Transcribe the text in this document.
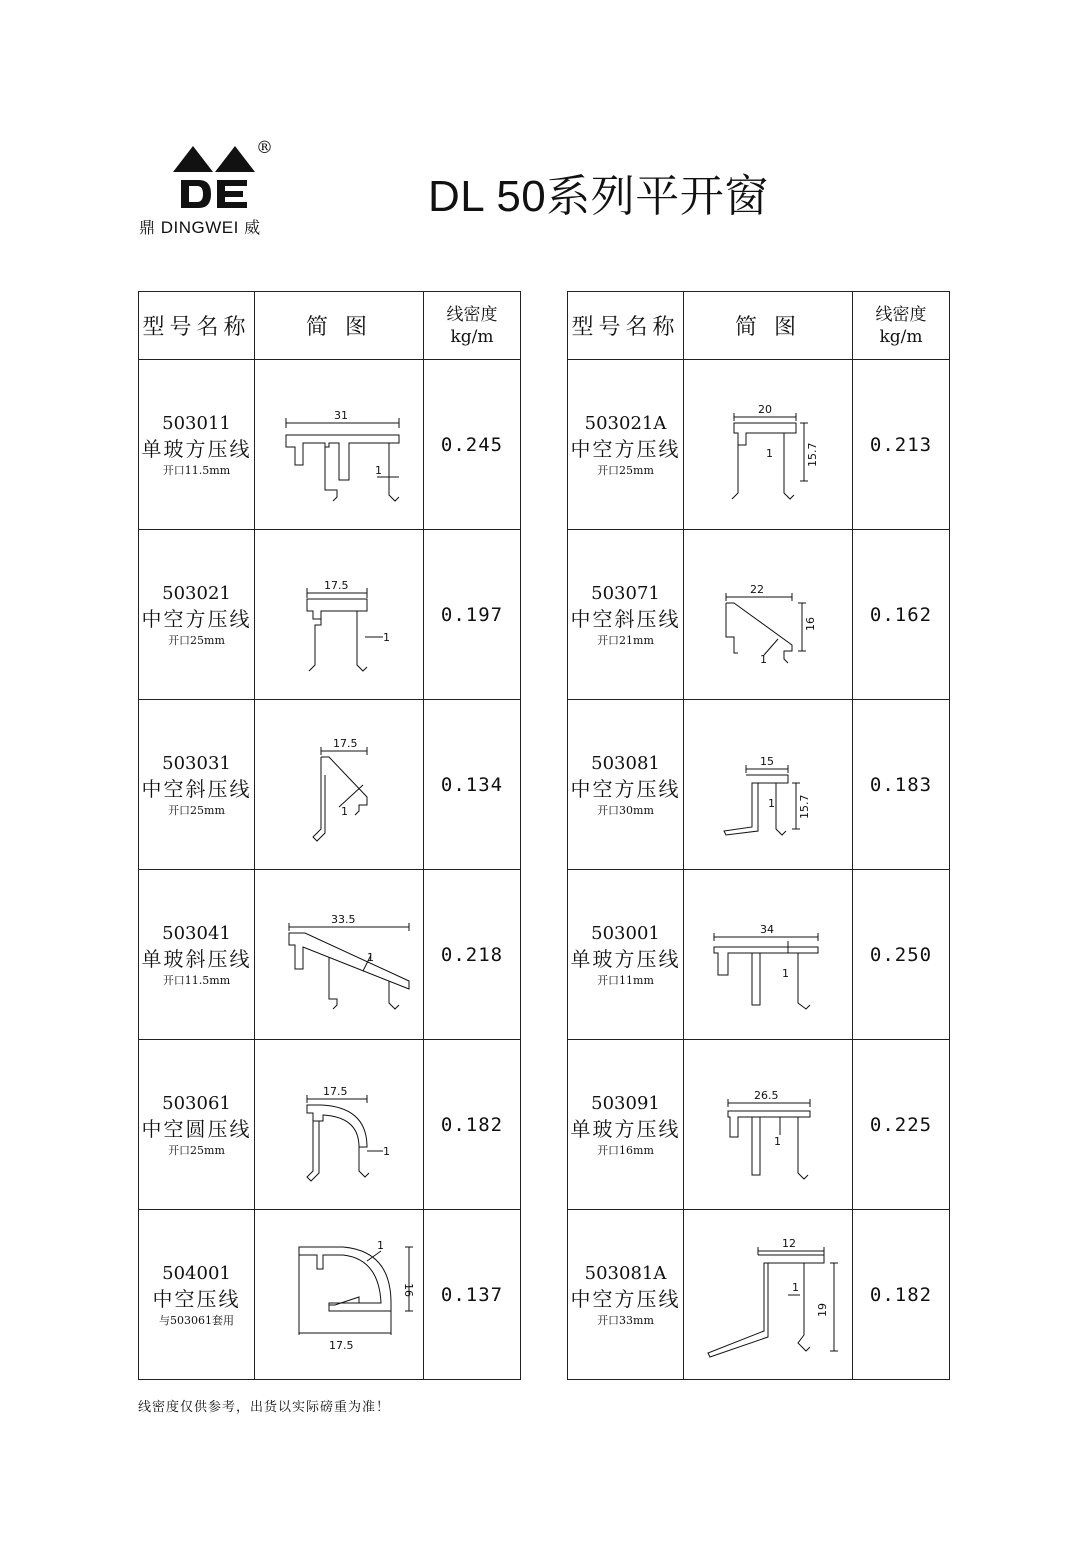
®
鼎 DINGWEI 威
DL 50系列平开窗
型号名称	简 图	线密度
kg/m

503011
单玻方压线
开口11.5mm	31
1	0.245

503021
中空方压线
开口25mm	17.5
1	0.197

503031
中空斜压线
开口25mm	17.5
1	0.134

503041
单玻斜压线
开口11.5mm	33.5
1	0.218

503061
中空圆压线
开口25mm	17.5
1	0.182

504001
中空压线
与503061套用	1
16
17.5	0.137
型号名称	简 图	线密度
kg/m

503021A
中空方压线
开口25mm	20
1 15.7	0.213

503071
中空斜压线
开口21mm	22
16
1	0.162

503081
中空方压线
开口30mm	15
1 15.7	0.183

503001
单玻方压线
开口11mm	34
1	0.250

503091
单玻方压线
开口16mm	26.5
1	0.225

503081A
中空方压线
开口33mm	12
1
19	0.182
线密度仅供参考，出货以实际磅重为准！
